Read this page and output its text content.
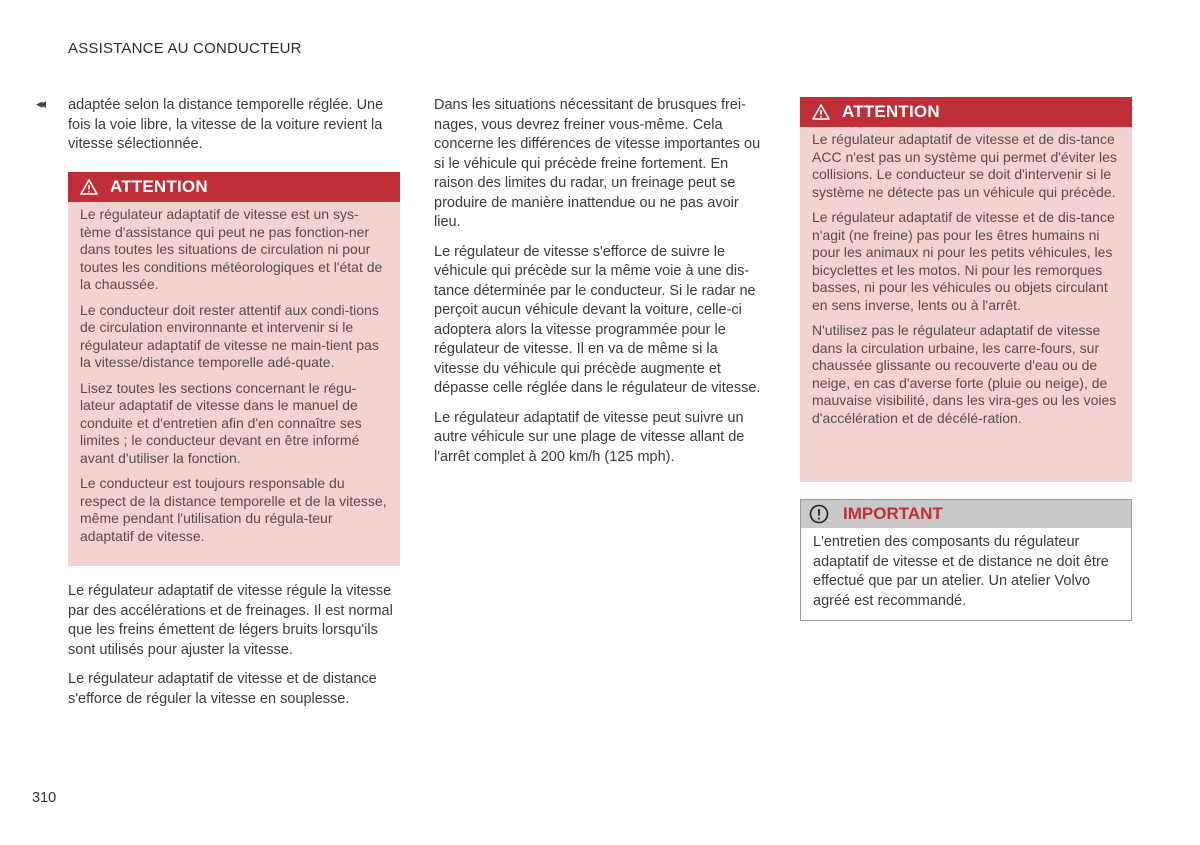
ASSISTANCE AU CONDUCTEUR
◂◂ adaptée selon la distance temporelle réglée. Une fois la voie libre, la vitesse de la voiture revient la vitesse sélectionnée.

ATTENTION

Le régulateur adaptatif de vitesse est un sys-tème d'assistance qui peut ne pas fonction-ner dans toutes les situations de circulation ni pour toutes les conditions météorologiques et l'état de la chaussée.

Le conducteur doit rester attentif aux condi-tions de circulation environnante et intervenir si le régulateur adaptatif de vitesse ne main-tient pas la vitesse/distance temporelle adé-quate.

Lisez toutes les sections concernant le régu-lateur adaptatif de vitesse dans le manuel de conduite et d'entretien afin d'en connaître ses limites ; le conducteur devant en être informé avant d'utiliser la fonction.

Le conducteur est toujours responsable du respect de la distance temporelle et de la vitesse, même pendant l'utilisation du régula-teur adaptatif de vitesse.

Le régulateur adaptatif de vitesse régule la vitesse par des accélérations et de freinages. Il est normal que les freins émettent de légers bruits lorsqu'ils sont utilisés pour ajuster la vitesse.

Le régulateur adaptatif de vitesse et de distance s'efforce de réguler la vitesse en souplesse.

Dans les situations nécessitant de brusques frei-nages, vous devrez freiner vous-même. Cela concerne les différences de vitesse importantes ou si le véhicule qui précède freine fortement. En raison des limites du radar, un freinage peut se produire de manière inattendue ou ne pas avoir lieu.

Le régulateur de vitesse s'efforce de suivre le véhicule qui précède sur la même voie à une dis-tance déterminée par le conducteur. Si le radar ne perçoit aucun véhicule devant la voiture, celle-ci adoptera alors la vitesse programmée pour le régulateur de vitesse. Il en va de même si la vitesse du véhicule qui précède augmente et dépasse celle réglée dans le régulateur de vitesse.

Le régulateur adaptatif de vitesse peut suivre un autre véhicule sur une plage de vitesse allant de l'arrêt complet à 200 km/h (125 mph).

ATTENTION

Le régulateur adaptatif de vitesse et de dis-tance ACC n'est pas un système qui permet d'éviter les collisions. Le conducteur se doit d'intervenir si le système ne détecte pas un véhicule qui précède.

Le régulateur adaptatif de vitesse et de dis-tance n'agit (ne freine) pas pour les êtres humains ni pour les animaux ni pour les petits véhicules, les bicyclettes et les motos. Ni pour les remorques basses, ni pour les véhicules ou objets circulant en sens inverse, lents ou à l'arrêt.

N'utilisez pas le régulateur adaptatif de vitesse dans la circulation urbaine, les carre-fours, sur chaussée glissante ou recouverte d'eau ou de neige, en cas d'averse forte (pluie ou neige), de mauvaise visibilité, dans les vira-ges ou les voies d'accélération et de décélé-ration.

IMPORTANT

L'entretien des composants du régulateur adaptatif de vitesse et de distance ne doit être effectué que par un atelier. Un atelier Volvo agréé est recommandé.

310
